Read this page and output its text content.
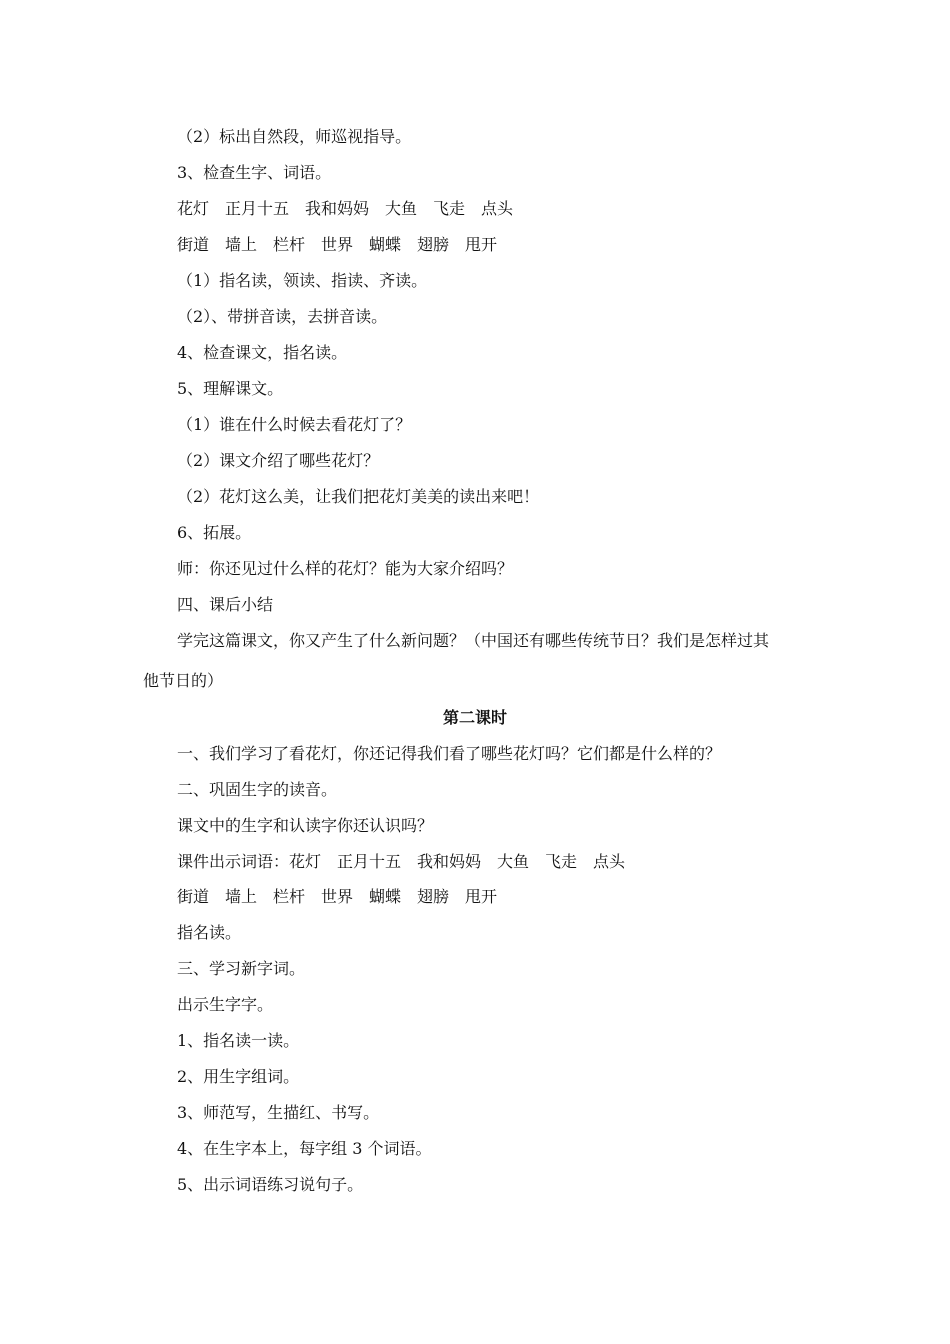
（2）标出自然段，师巡视指导。
3、检查生字、词语。
花灯　正月十五　我和妈妈　大鱼　飞走　点头
街道　墙上　栏杆　世界　蝴蝶　翅膀　甩开
（1）指名读，领读、指读、齐读。
（2）、带拼音读，去拼音读。
4、检查课文，指名读。
5、理解课文。
（1）谁在什么时候去看花灯了？
（2）课文介绍了哪些花灯？
（2）花灯这么美，让我们把花灯美美的读出来吧！
6、拓展。
师：你还见过什么样的花灯？能为大家介绍吗？
四、课后小结
学完这篇课文，你又产生了什么新问题？（中国还有哪些传统节日？我们是怎样过其
他节日的）
第二课时
一、我们学习了看花灯，你还记得我们看了哪些花灯吗？它们都是什么样的？
二、巩固生字的读音。
课文中的生字和认读字你还认识吗？
课件出示词语：花灯　正月十五　我和妈妈　大鱼　飞走　点头
街道　墙上　栏杆　世界　蝴蝶　翅膀　甩开
指名读。
三、学习新字词。
出示生字字。
1、指名读一读。
2、用生字组词。
3、师范写，生描红、书写。
4、在生字本上，每字组 3 个词语。
5、出示词语练习说句子。
